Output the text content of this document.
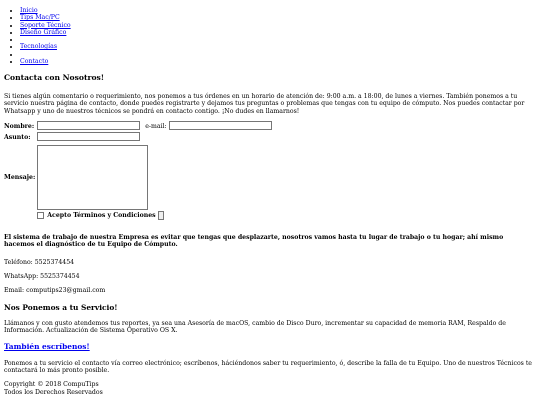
• Inicio
• Tips Mac/PC
• Soporte Técnico
• Diseño Gráfico
•
• Tecnologías
•
• Contacto
Contacta con Nosotros!

Si tienes algún comentario o requerimiento, nos ponemos a tus órdenes en un horario de atención de: 9:00 a.m. a 18:00, de lunes a viernes. También ponemos a tu servicio nuestra página de contacto, donde puedes registrarte y dejamos tus preguntas o problemas que tengas con tu equipo de cómputo. Nos puedes contactar por Whatsapp y uno de nuestros técnicos se pondrá en contacto contigo. ¡No dudes en llamarnos!

Nombre:		e-mail:	
Asunto:			
Mensaje:	

	Acepto Términos y Condiciones		

El sistema de trabajo de nuestra Empresa es evitar que tengas que desplazarte, nosotros vamos hasta tu lugar de trabajo o tu hogar; ahí mismo hacemos el diagnóstico de tu Equipo de Cómputo.

Teléfono: 5525374454

WhatsApp: 5525374454

Email: computips23@gmail.com

Nos Ponemos a tu Servicio!

Llámanos y con gusto atendemos tus reportes, ya sea una Asesoría de macOS, cambio de Disco Duro, incrementar su capacidad de memoria RAM, Respaldo de Información. Actualización de Sistema Operativo OS X.

También escríbenos!

Ponemos a tu servicio el contacto vía correo electrónico; escríbenos, háciéndonos saber tu requerimiento, ó, describe la falla de tu Equipo. Uno de nuestros Técnicos te contactará lo más pronto posible.

Copyright © 2018 CompuTips
Todos los Derechos Reservados
